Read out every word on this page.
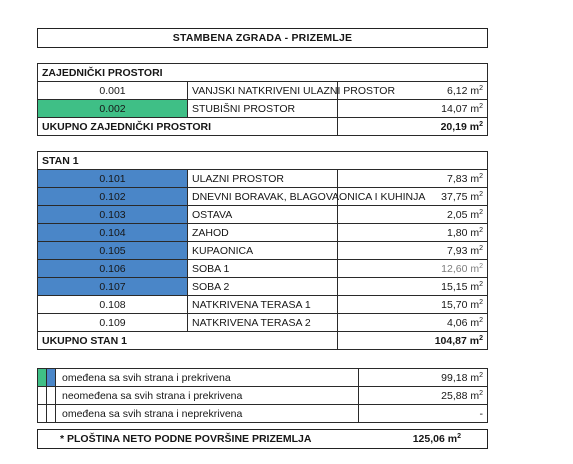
STAMBENA ZGRADA - PRIZEMLJE
ZAJEDNIČKI PROSTORI		
0.001	VANJSKI NATKRIVENI ULAZNI PROSTOR	6,12 $m^2$
0.002	STUBIŠNI PROSTOR	14,07 $m^2$
UKUPNO ZAJEDNIČKI PROSTORI		20,19 $m^2$
STAN 1		
0.101	ULAZNI PROSTOR	7,83 $m^2$
0.102	DNEVNI BORAVAK, BLAGOVAONICA I KUHINJA	37,75 $m^2$
0.103	OSTAVA	2,05 $m^2$
0.104	ZAHOD	1,80 $m^2$
0.105	KUPAONICA	7,93 $m^2$
0.106	SOBA 1	12,60 $m^2$
0.107	SOBA 2	15,15 $m^2$
0.108	NATKRIVENA TERASA 1	15,70 $m^2$
0.109	NATKRIVENA TERASA 2	4,06 $m^2$
UKUPNO STAN 1		104,87 $m^2$
		omeđena sa svih strana i prekrivena	99,18 $m^2$
		neomeđena sa svih strana i prekrivena	25,88 $m^2$
		omeđena sa svih strana i neprekrivena	-
* PLOŠTINA NETO PODNE POVRŠINE PRIZEMLJA	125,06 $m^2$
